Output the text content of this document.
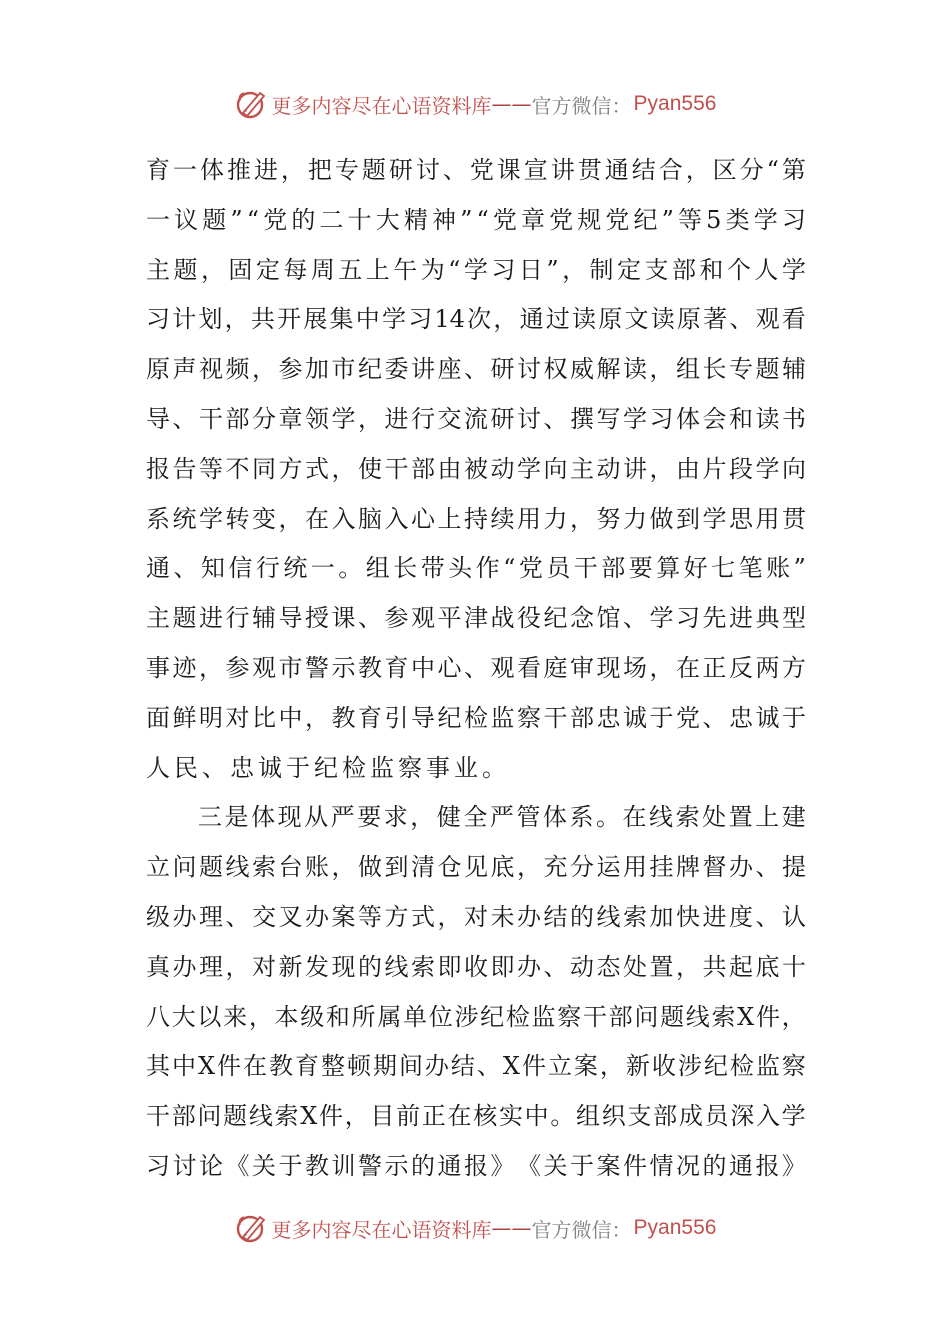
更多内容尽在心语资料库 —— 官方微信： Pyan556
育 一 体 推 进 ， 把 专 题 研 讨 、 党 课 宣 讲 贯 通 结 合 ， 区 分 “ 第
一 议 题 ” “ 党 的 二 十 大 精 神 ” “ 党 章 党 规 党 纪 ” 等 5 类 学 习
主 题 ， 固 定 每 周 五 上 午 为 “ 学 习 日 ” ， 制 定 支 部 和 个 人 学
习 计 划 ， 共 开 展 集 中 学 习 14 次 ， 通 过 读 原 文 读 原 著 、 观 看
原 声 视 频 ， 参 加 市 纪 委 讲 座 、 研 讨 权 威 解 读 ， 组 长 专 题 辅
导 、 干 部 分 章 领 学 ， 进 行 交 流 研 讨 、 撰 写 学 习 体 会 和 读 书
报 告 等 不 同 方 式 ， 使 干 部 由 被 动 学 向 主 动 讲 ， 由 片 段 学 向
系 统 学 转 变 ， 在 入 脑 入 心 上 持 续 用 力 ， 努 力 做 到 学 思 用 贯
通 、 知 信 行 统 一 。 组 长 带 头 作 “ 党 员 干 部 要 算 好 七 笔 账 ”
主 题 进 行 辅 导 授 课 、 参 观 平 津 战 役 纪 念 馆 、 学 习 先 进 典 型
事 迹 ， 参 观 市 警 示 教 育 中 心 、 观 看 庭 审 现 场 ， 在 正 反 两 方
面 鲜 明 对 比 中 ， 教 育 引 导 纪 检 监 察 干 部 忠 诚 于 党 、 忠 诚 于
人民、忠诚于纪检监察事业。
三 是 体 现 从 严 要 求 ， 健 全 严 管 体 系 。 在 线 索 处 置 上 建
立 问 题 线 索 台 账 ， 做 到 清 仓 见 底 ， 充 分 运 用 挂 牌 督 办 、 提
级 办 理 、 交 叉 办 案 等 方 式 ， 对 未 办 结 的 线 索 加 快 进 度 、 认
真 办 理 ， 对 新 发 现 的 线 索 即 收 即 办 、 动 态 处 置 ， 共 起 底 十
八 大 以 来 ， 本 级 和 所 属 单 位 涉 纪 检 监 察 干 部 问 题 线 索 X 件 ，
其 中 X 件 在 教 育 整 顿 期 间 办 结 、 X 件 立 案 ， 新 收 涉 纪 检 监 察
干 部 问 题 线 索 X 件 ， 目 前 正 在 核 实 中 。 组 织 支 部 成 员 深 入 学
习 讨 论 《 关 于 教 训 警 示 的 通 报 》 《 关 于 案 件 情 况 的 通 报 》
更多内容尽在心语资料库 —— 官方微信： Pyan556
